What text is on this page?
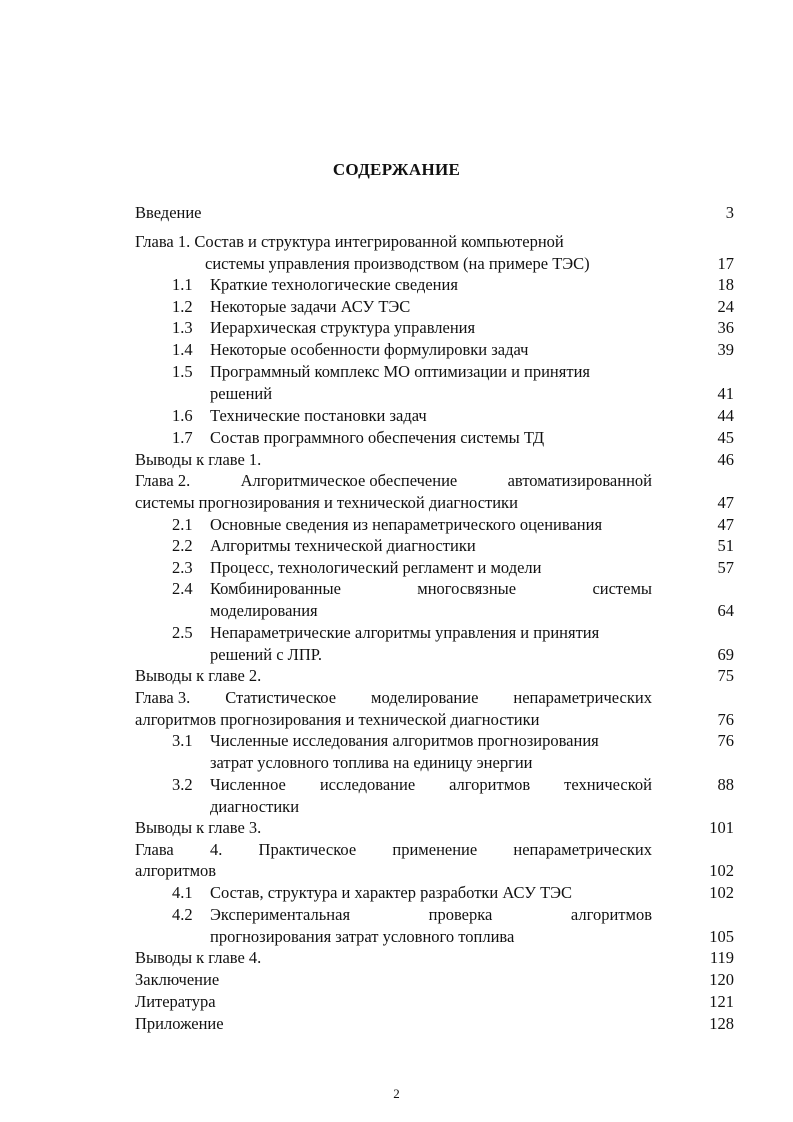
СОДЕРЖАНИЕ
Введение	3
Глава 1. Состав и структура интегрированной компьютерной
системы управления производством (на примере ТЭС)	17
1.1 Краткие технологические сведения	18
1.2 Некоторые задачи АСУ ТЭС	24
1.3 Иерархическая структура управления	36
1.4 Некоторые особенности формулировки задач	39
1.5 Программный комплекс МО оптимизации и принятия
решений	41
1.6 Технические постановки задач	44
1.7 Состав программного обеспечения системы ТД	45
Выводы к главе 1.	46
Глава 2.	Алгоритмическое обеспечение	автоматизированной
системы прогнозирования и технической диагностики	47
2.1 Основные сведения из непараметрического оценивания	47
2.2 Алгоритмы технической диагностики	51
2.3 Процесс, технологический регламент и модели	57
2.4 Комбинированные	многосвязные	системы
моделирования	64
2.5 Непараметрические алгоритмы управления и принятия
решений с ЛПР.	69
Выводы к главе 2.	75
Глава 3. Статистическое моделирование непараметрических
алгоритмов прогнозирования и технической диагностики	76
3.1 Численные исследования алгоритмов прогнозирования	76
затрат условного топлива на единицу энергии
3.2 Численное исследование алгоритмов технической	88
диагностики
Выводы к главе 3.	101
Глава 4. Практическое применение непараметрических
алгоритмов	102
4.1 Состав, структура и характер разработки АСУ ТЭС	102
4.2 Экспериментальная	проверка	алгоритмов
прогнозирования затрат условного топлива	105
Выводы к главе 4.	119
Заключение	120
Литература	121
Приложение	128
2
